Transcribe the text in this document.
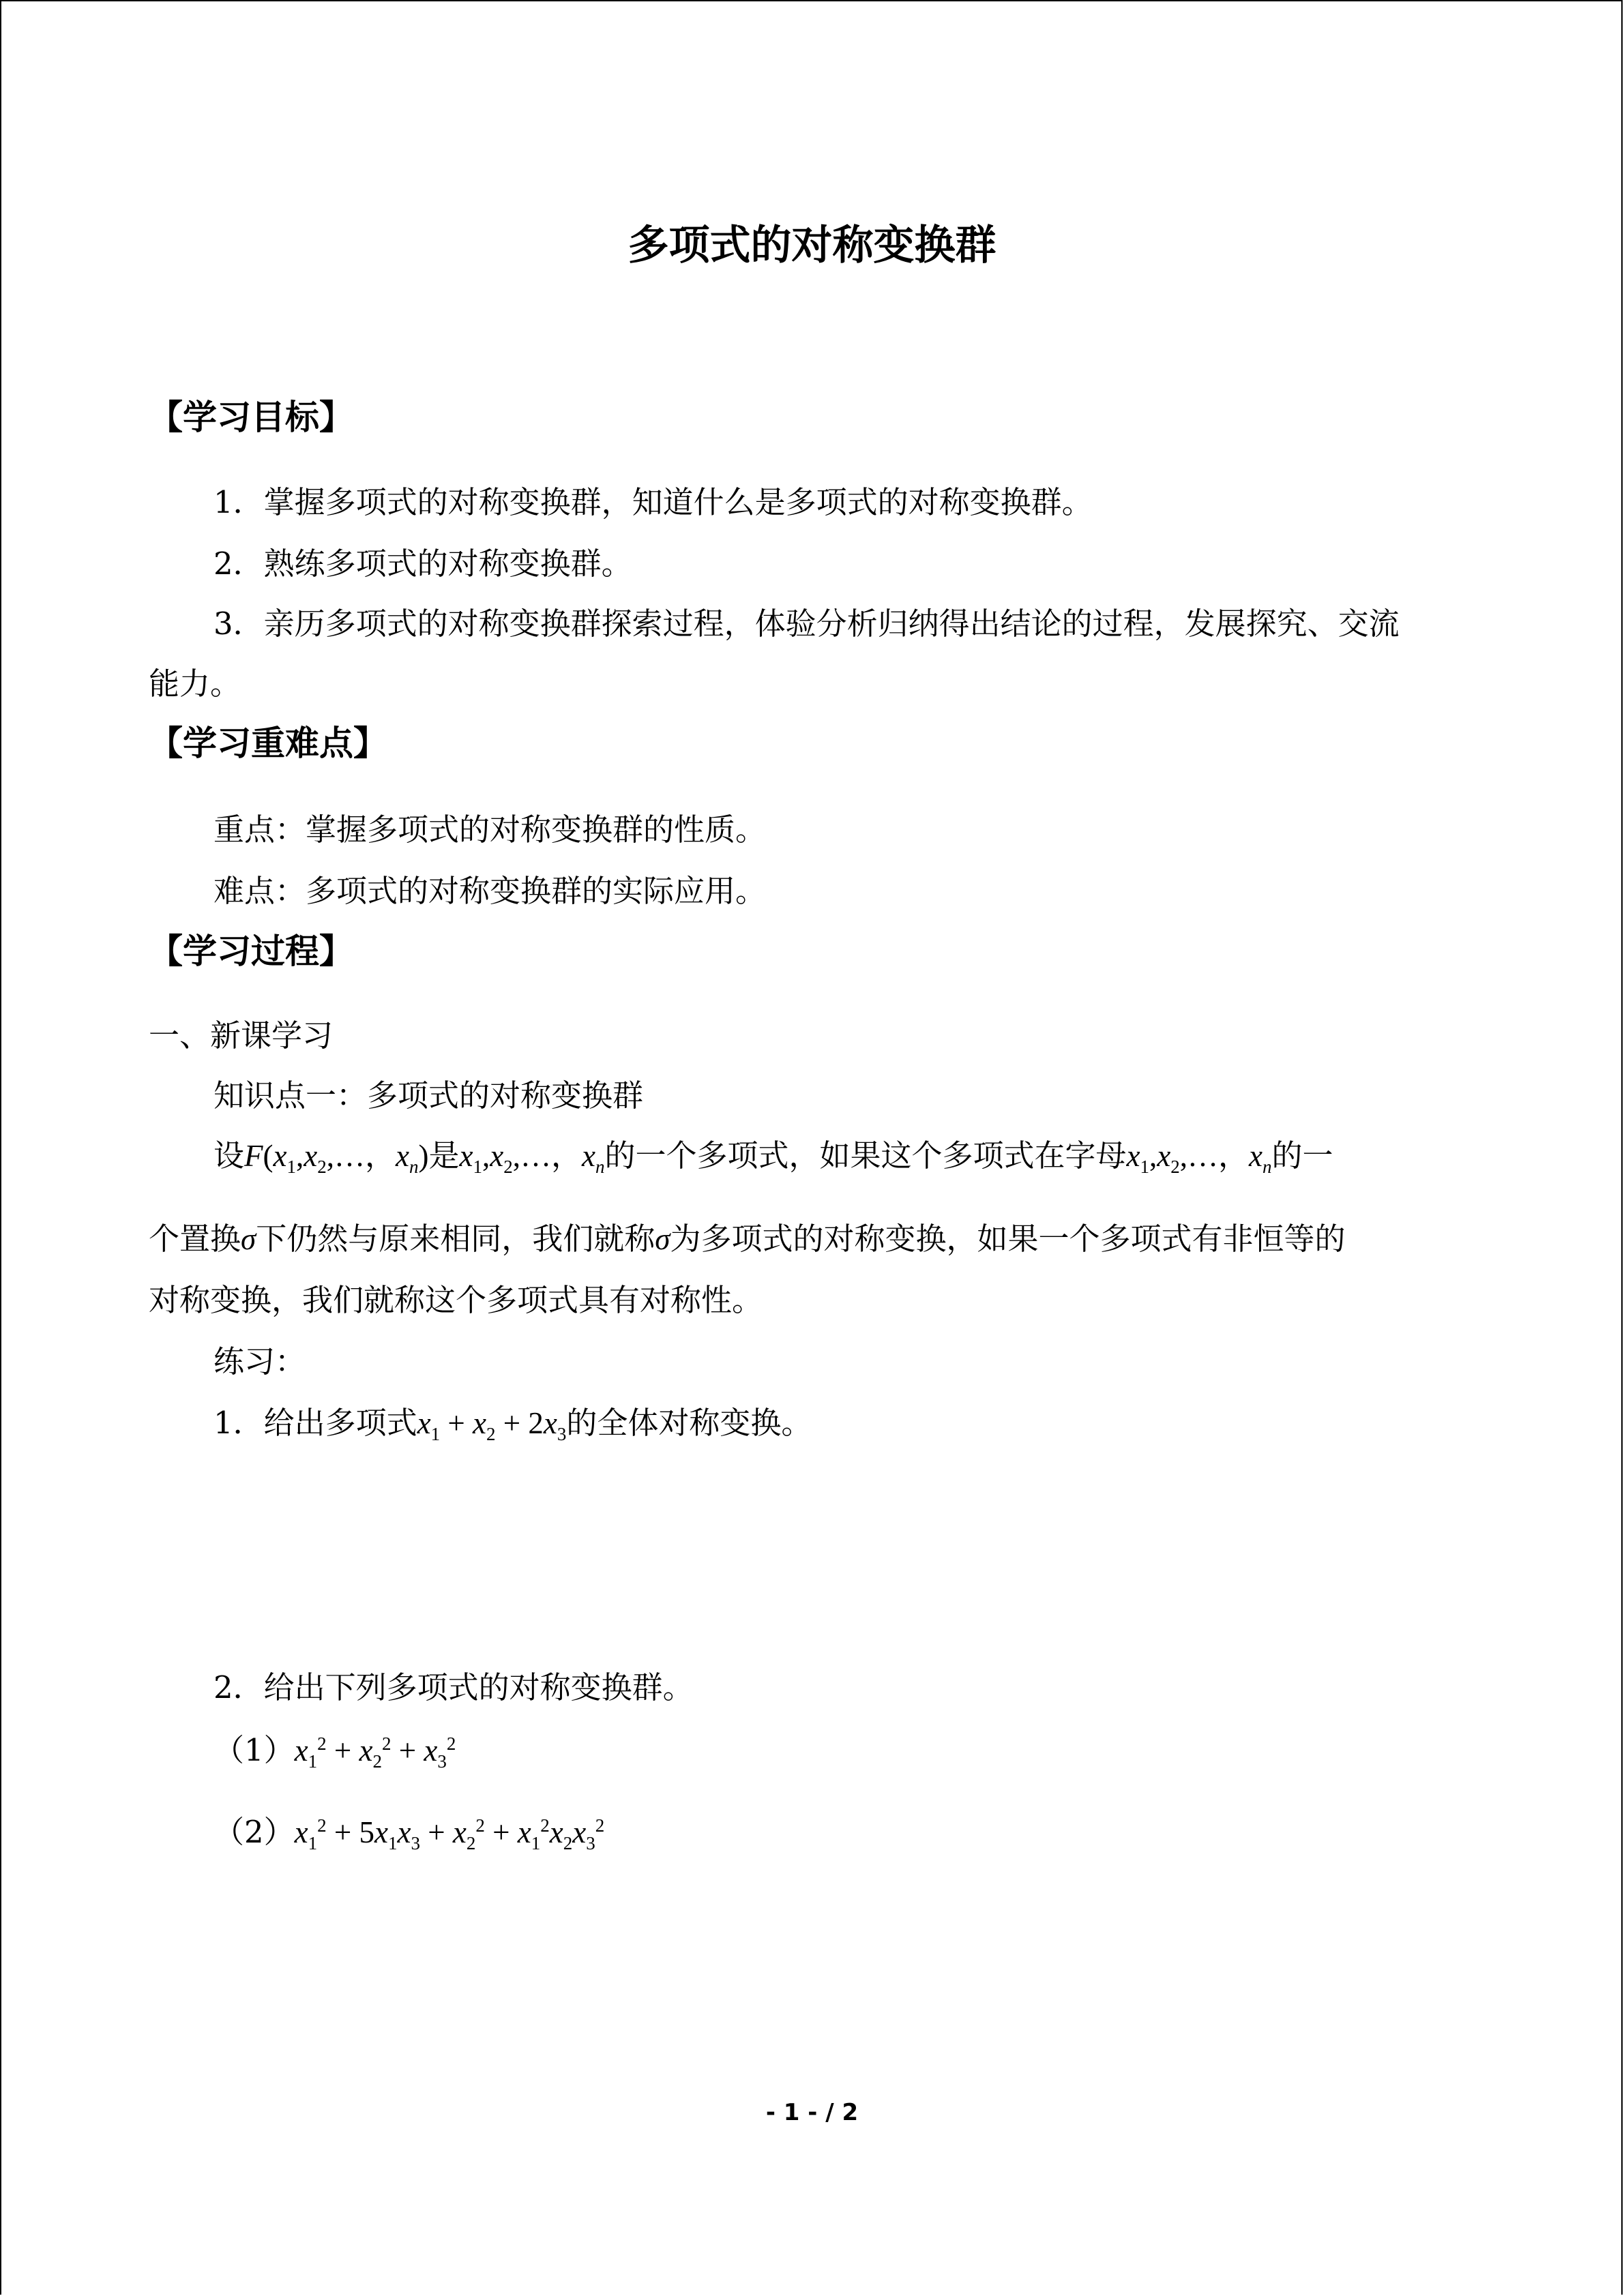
多项式的对称变换群
【学习目标】
1．掌握多项式的对称变换群，知道什么是多项式的对称变换群。
2．熟练多项式的对称变换群。
3．亲历多项式的对称变换群探索过程，体验分析归纳得出结论的过程，发展探究、交流
能力。
【学习重难点】
重点：掌握多项式的对称变换群的性质。
难点：多项式的对称变换群的实际应用。
【学习过程】
一、新课学习
知识点一：多项式的对称变换群
设$F(x_1,x_2,\dots$，$x_n$)是$x_1,x_2,\dots$，$x_n$的一个多项式，如果这个多项式在字母$x_1,x_2,\dots$，$x_n$的一
个置换σ下仍然与原来相同，我们就称σ为多项式的对称变换，如果一个多项式有非恒等的
对称变换，我们就称这个多项式具有对称性。
练习：
1．给出多项式$x_1 + x_2 + 2x_3$的全体对称变换。
2．给出下列多项式的对称变换群。
$(1)x_1^2 + x_2^2 + x_3^2$
$(2)x_1^2 + 5x_1x_3 + x_2^2 + x_1^2x_2x_3^2$
- 1 - / 2
